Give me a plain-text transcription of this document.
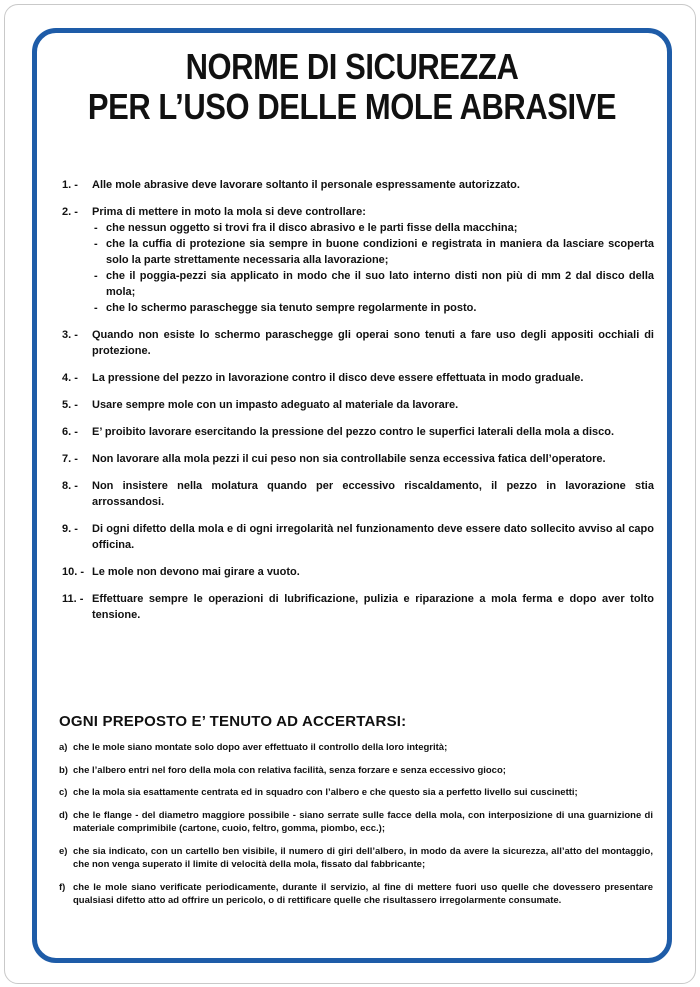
NORME DI SICUREZZA
PER L’USO DELLE MOLE ABRASIVE
1. -	Alle mole abrasive deve lavorare soltanto il personale espressamente autorizzato.
2. -	Prima di mettere in moto la mola si deve controllare:
- che nessun oggetto si trovi fra il disco abrasivo e le parti fisse della macchina;
- che la cuffia di protezione sia sempre in buone condizioni e registrata in maniera da lasciare scoperta solo la parte strettamente necessaria alla lavorazione;
- che il poggia-pezzi sia applicato in modo che il suo lato interno disti non più di mm 2 dal disco della mola;
- che lo schermo paraschegge sia tenuto sempre regolarmente in posto.
3. -	Quando non esiste lo schermo paraschegge gli operai sono tenuti a fare uso degli appositi occhiali di protezione.
4. -	La pressione del pezzo in lavorazione contro il disco deve essere effettuata in modo graduale.
5. -	Usare sempre mole con un impasto adeguato al materiale da lavorare.
6. -	E’ proibito lavorare esercitando la pressione del pezzo contro le superfici laterali della mola a disco.
7. -	Non lavorare alla mola pezzi il cui peso non sia controllabile senza eccessiva fatica dell’operatore.
8. -	Non insistere nella molatura quando per eccessivo riscaldamento, il pezzo in lavorazione stia arrossandosi.
9. -	Di ogni difetto della mola e di ogni irregolarità nel funzionamento deve essere dato sollecito avviso al capo officina.
10. - Le mole non devono mai girare a vuoto.
11. - Effettuare sempre le operazioni di lubrificazione, pulizia e riparazione a mola ferma e dopo aver tolto tensione.
OGNI PREPOSTO E’ TENUTO AD ACCERTARSI:
a) che le mole siano montate solo dopo aver effettuato il controllo della loro integrità;
b) che l’albero entri nel foro della mola con relativa facilità, senza forzare e senza eccessivo gioco;
c) che la mola sia esattamente centrata ed in squadro con l’albero e che questo sia a perfetto livello sui cuscinetti;
d) che le flange - del diametro maggiore possibile - siano serrate sulle facce della mola, con interposizione di una guarnizione di materiale comprimibile (cartone, cuoio, feltro, gomma, piombo, ecc.);
e) che sia indicato, con un cartello ben visibile, il numero di giri dell’albero, in modo da avere la sicurezza, all’atto del montaggio, che non venga superato il limite di velocità della mola, fissato dal fabbricante;
f) che le mole siano verificate periodicamente, durante il servizio, al fine di mettere fuori uso quelle che dovessero presentare qualsiasi difetto atto ad offrire un pericolo, o di rettificare quelle che risultassero irregolarmente consumate.
